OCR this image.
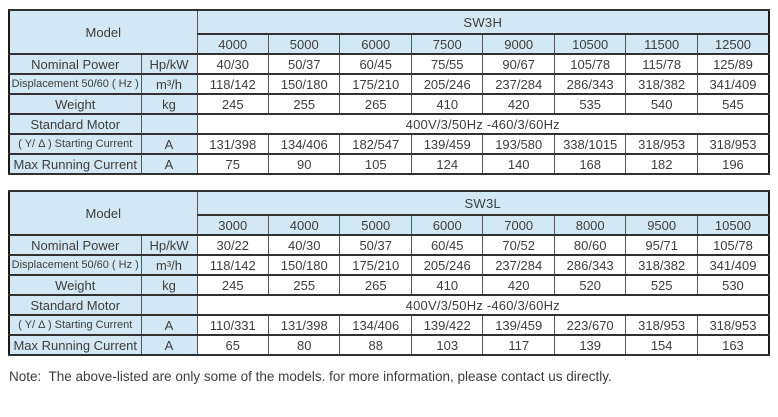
Model		SW3H							
		4000	5000	6000	7500	9000	10500	11500	12500
Nominal Power	Hp/kW	40/30	50/37	60/45	75/55	90/67	105/78	115/78	125/89
Displacement 50/60 ( Hz )	m³/h	118/142	150/180	175/210	205/246	237/284	286/343	318/382	341/409
Weight	kg	245	255	265	410	420	535	540	545
Standard Motor		400V/3/50Hz -460/3/60Hz							
( Y/ Δ ) Starting Current	A	131/398	134/406	182/547	139/459	193/580	338/1015	318/953	318/953
Max Running Current	A	75	90	105	124	140	168	182	196
Model		SW3L							
		3000	4000	5000	6000	7000	8000	9500	10500
Nominal Power	Hp/kW	30/22	40/30	50/37	60/45	70/52	80/60	95/71	105/78
Displacement 50/60 ( Hz )	m³/h	118/142	150/180	175/210	205/246	237/284	286/343	318/382	341/409
Weight	kg	245	255	265	410	420	520	525	530
Standard Motor		400V/3/50Hz -460/3/60Hz							
( Y/ Δ ) Starting Current	A	110/331	131/398	134/406	139/422	139/459	223/670	318/953	318/953
Max Running Current	A	65	80	88	103	117	139	154	163
Note:  The above-listed are only some of the models. for more information, please contact us directly.
